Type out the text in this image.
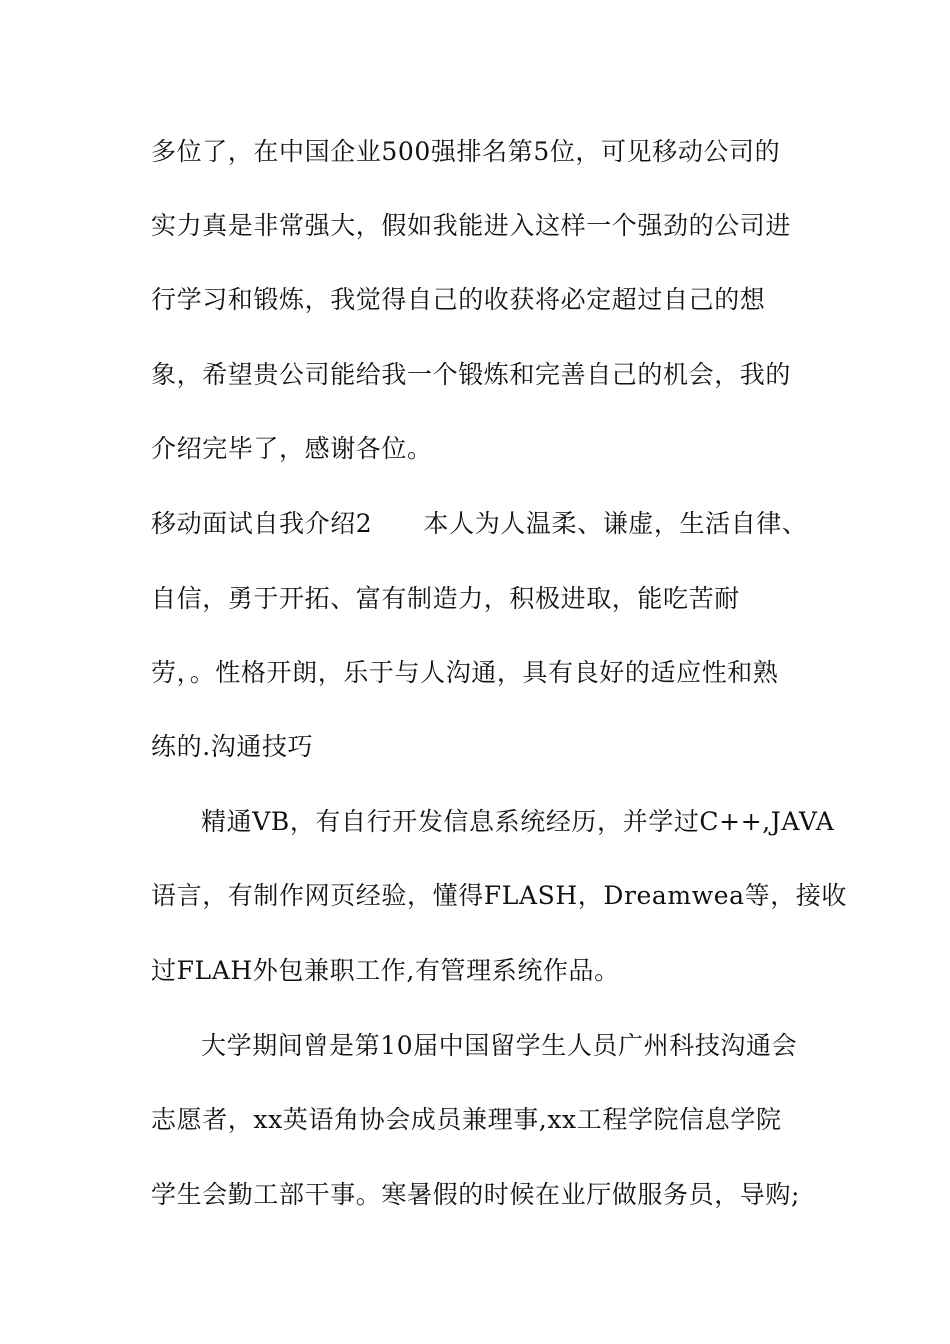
多位了，在中国企业500强排名第5位，可见移动公司的
实力真是非常强大，假如我能进入这样一个强劲的公司进
行学习和锻炼，我觉得自己的收获将必定超过自己的想
象，希望贵公司能给我一个锻炼和完善自己的机会，我的
介绍完毕了，感谢各位。
移动面试自我介绍2　　本人为人温柔、谦虚，生活自律、
自信，勇于开拓、富有制造力，积极进取，能吃苦耐
劳，。性格开朗，乐于与人沟通，具有良好的适应性和熟
练的.沟通技巧
精通VB，有自行开发信息系统经历，并学过C++,JAVA
语言，有制作网页经验，懂得FLASH，Dreamwea等，接收
过FLAH外包兼职工作,有管理系统作品。
大学期间曾是第10届中国留学生人员广州科技沟通会
志愿者，xx英语角协会成员兼理事,xx工程学院信息学院
学生会勤工部干事。寒暑假的时候在业厅做服务员，导购;
